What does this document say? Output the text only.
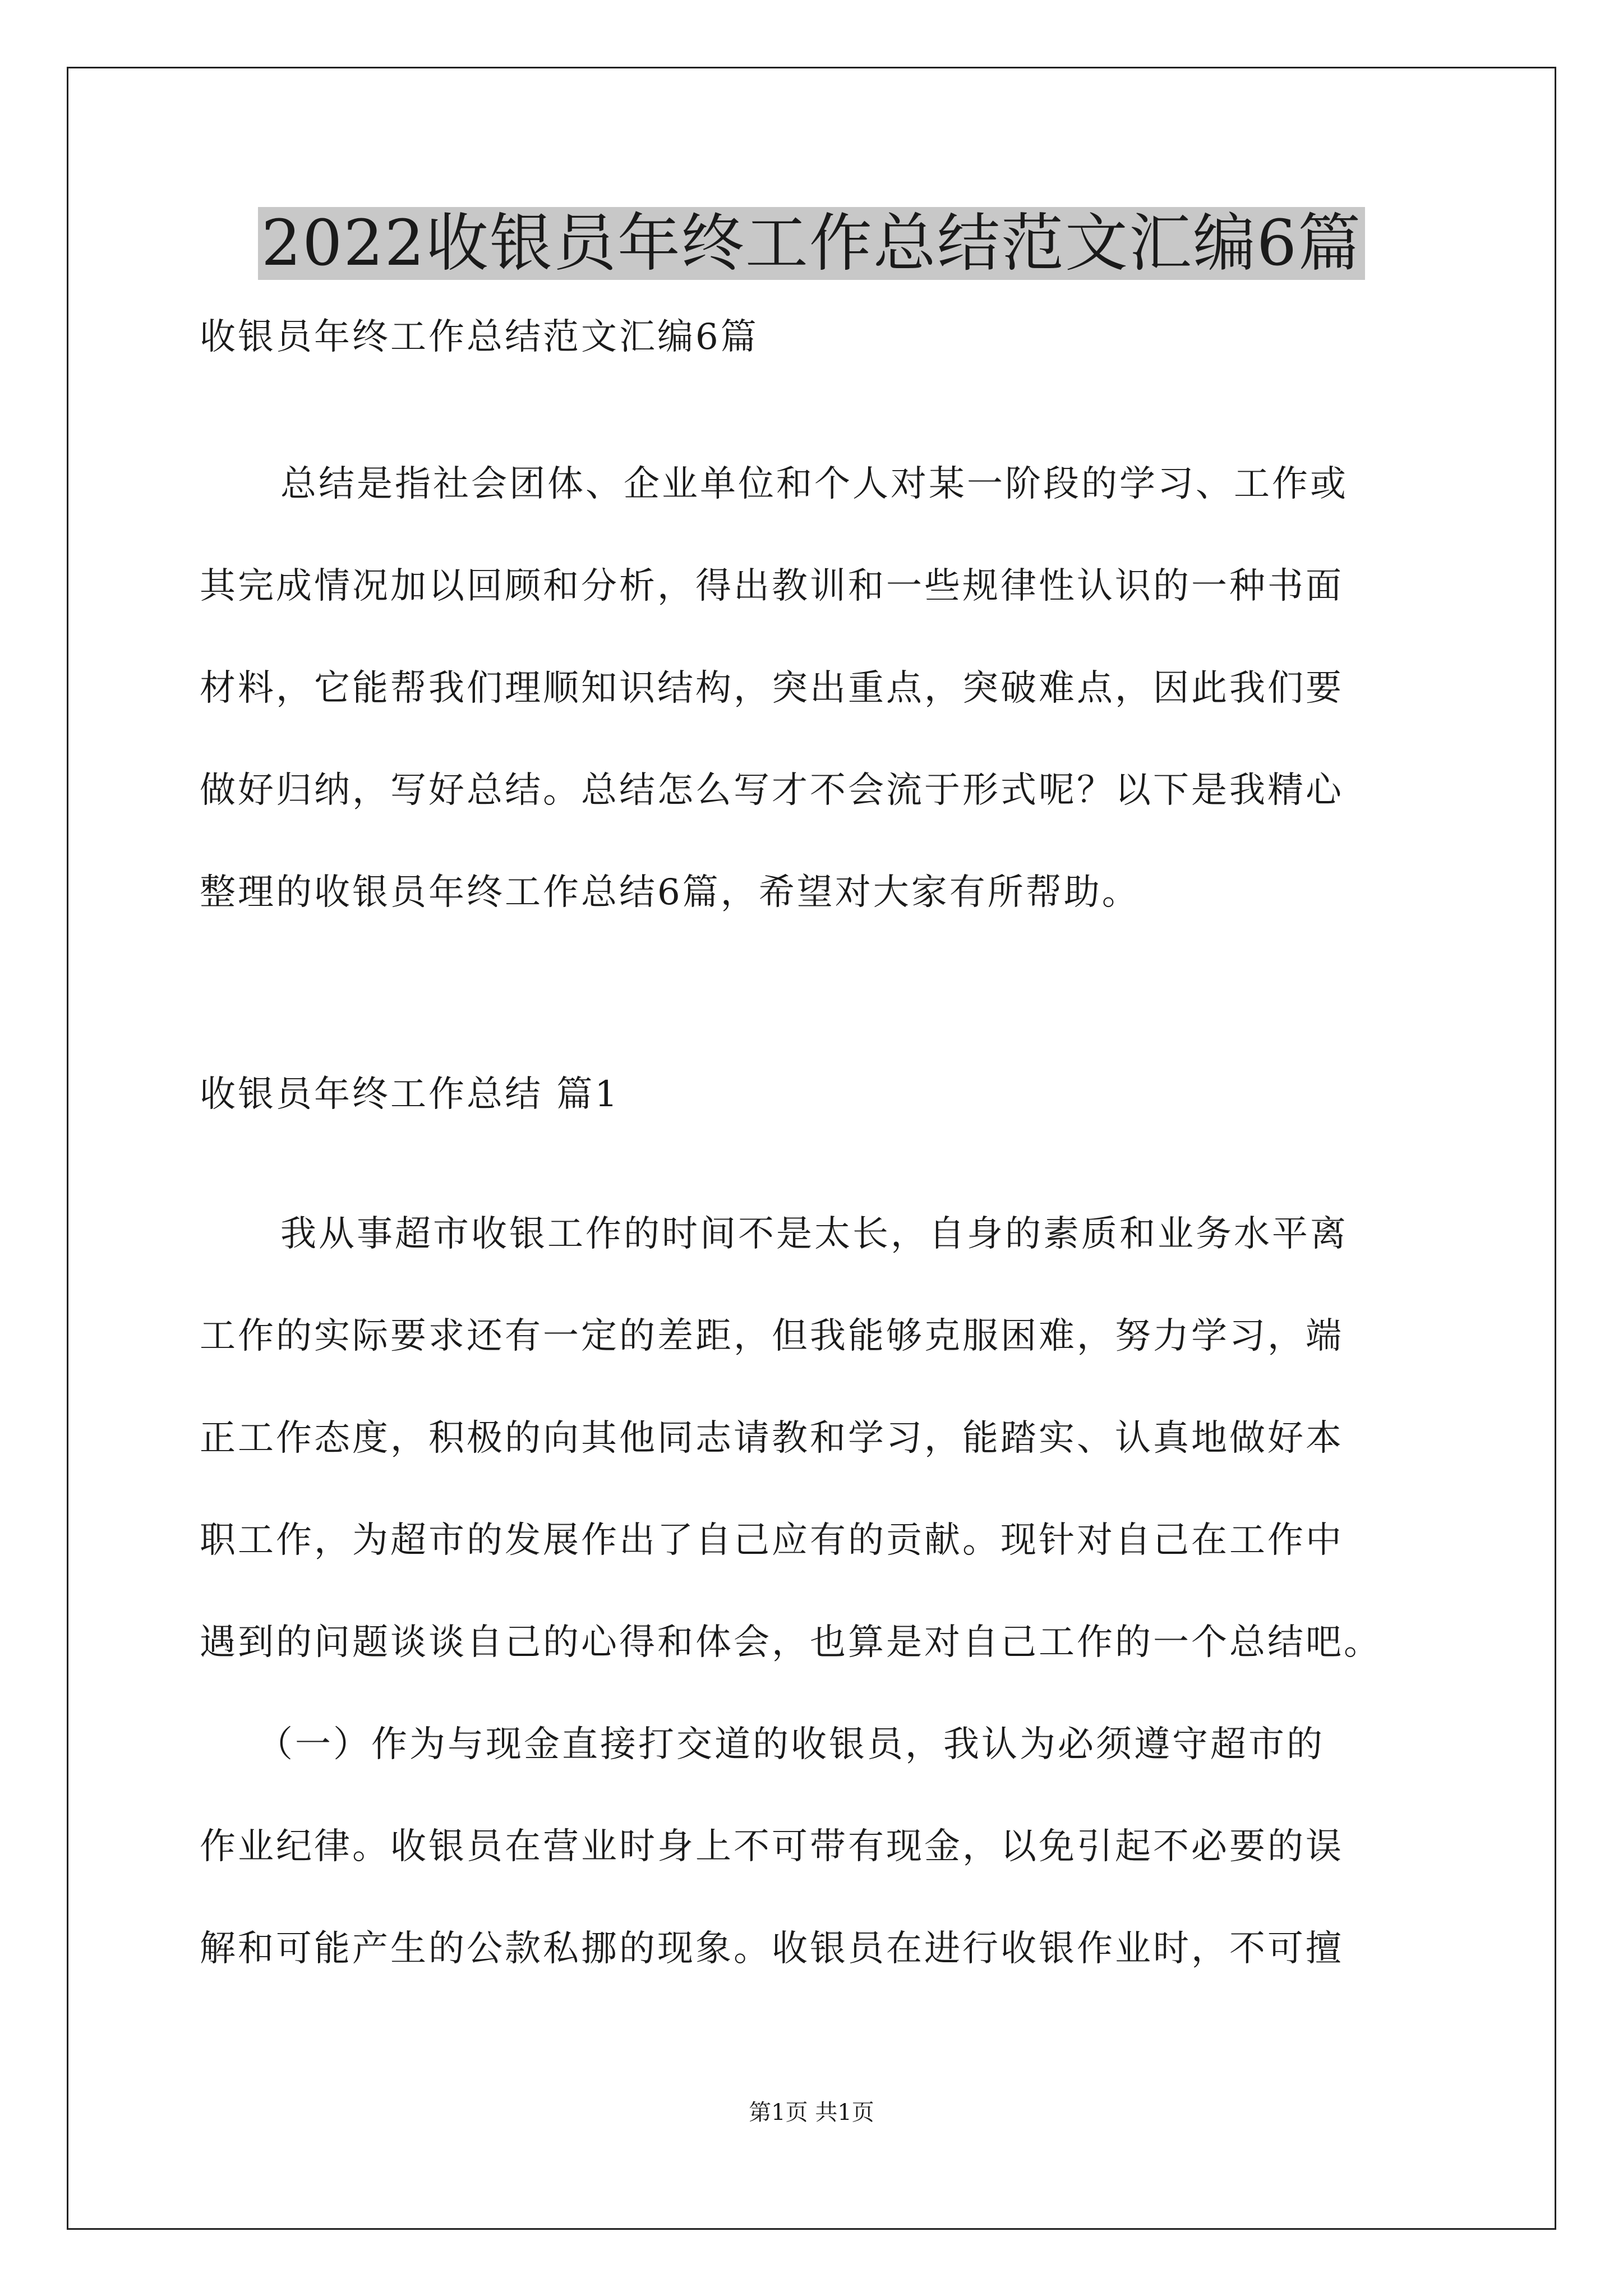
2022收银员年终工作总结范文汇编6篇

收银员年终工作总结范文汇编6篇

总结是指社会团体、企业单位和个人对某一阶段的学习、工作或

其完成情况加以回顾和分析，得出教训和一些规律性认识的一种书面

材料，它能帮我们理顺知识结构，突出重点，突破难点，因此我们要

做好归纳，写好总结。总结怎么写才不会流于形式呢？以下是我精心

整理的收银员年终工作总结6篇，希望对大家有所帮助。

收银员年终工作总结 篇1

我从事超市收银工作的时间不是太长，自身的素质和业务水平离

工作的实际要求还有一定的差距，但我能够克服困难，努力学习，端

正工作态度，积极的向其他同志请教和学习，能踏实、认真地做好本

职工作，为超市的发展作出了自己应有的贡献。现针对自己在工作中

遇到的问题谈谈自己的心得和体会，也算是对自己工作的一个总结吧。

（一）作为与现金直接打交道的收银员，我认为必须遵守超市的

作业纪律。收银员在营业时身上不可带有现金，以免引起不必要的误

解和可能产生的公款私挪的现象。收银员在进行收银作业时，不可擅

第1页 共1页
